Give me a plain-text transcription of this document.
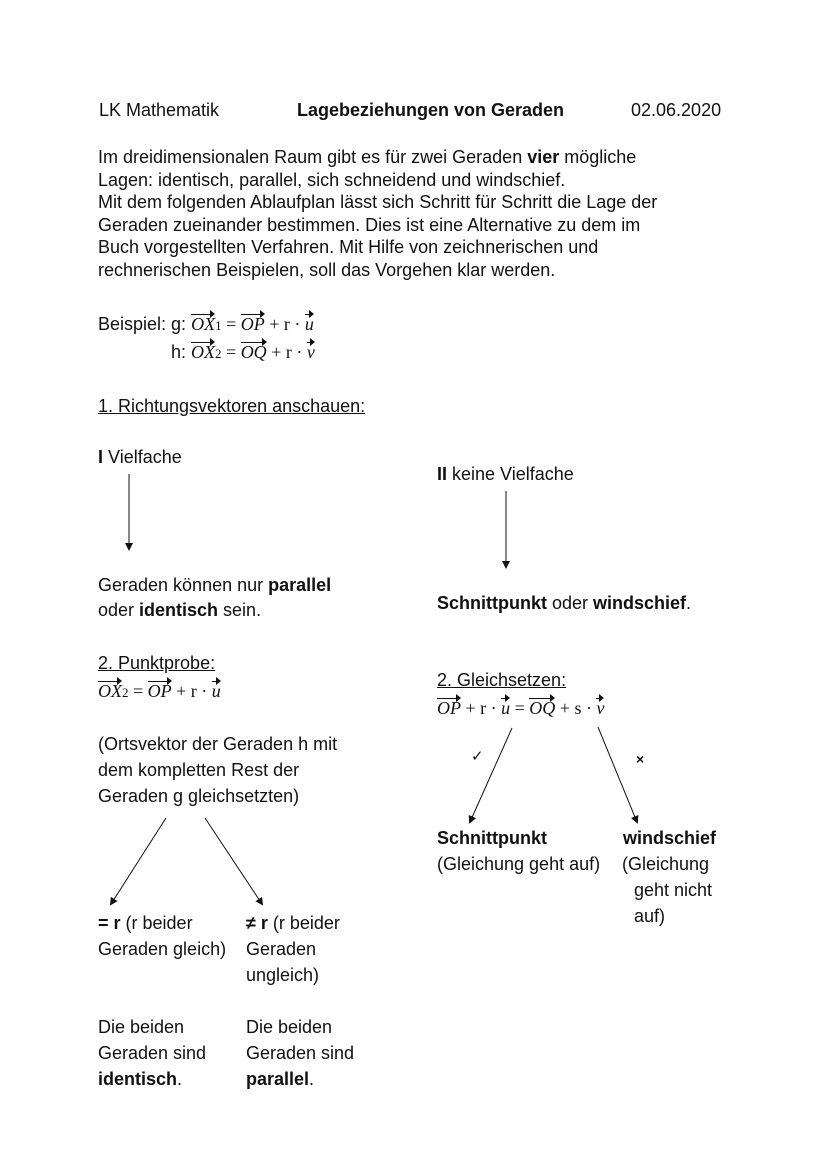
LK Mathematik	Lagebeziehungen von Geraden	02.06.2020

Im dreidimensionalen Raum gibt es für zwei Geraden vier mögliche

Lagen: identisch, parallel, sich schneidend und windschief.

Mit dem folgenden Ablaufplan lässt sich Schritt für Schritt die Lage der

Geraden zueinander bestimmen. Dies ist eine Alternative zu dem im

Buch vorgestellten Verfahren. Mit Hilfe von zeichnerischen und

rechnerischen Beispielen, soll das Vorgehen klar werden.

Beispiel: g: OX1 = OP + r · u
h: OX2 = OQ + r · v
1. Richtungsvektoren anschauen:
I Vielfache
Geraden können nur parallel
oder identisch sein.
2. Punktprobe:
OX2 = OP + r · u
(Ortsvektor der Geraden h mit
dem kompletten Rest der
Geraden g gleichsetzten)
= r (r beider
Geraden gleich)
≠ r (r beider
Geraden
ungleich)
Die beiden
Geraden sind
identisch.
Die beiden
Geraden sind
parallel.
II keine Vielfache
Schnittpunkt oder windschief.
2. Gleichsetzen:
OP + r · u = OQ + s · v
✓	×
Schnittpunkt
(Gleichung geht auf)
windschief
(Gleichung
geht nicht
auf)
